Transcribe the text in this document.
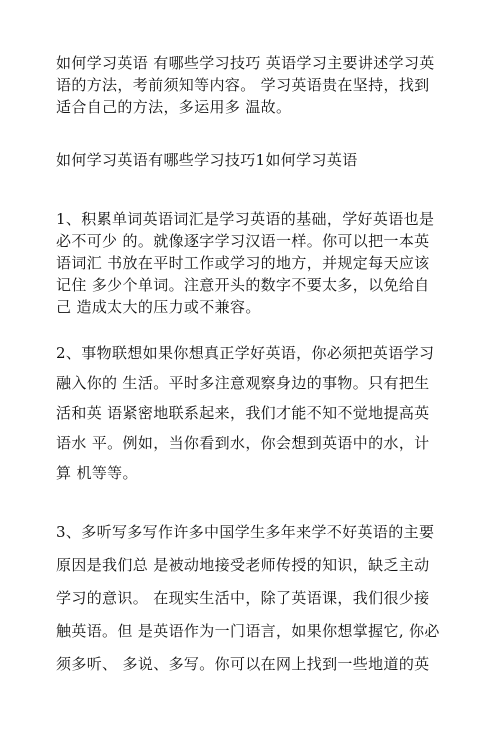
如何学习英语 有哪些学习技巧 英语学习主要讲述学习英
语的方法，考前须知等内容。 学习英语贵在坚持，找到
适合自己的方法，多运用多 温故。
如何学习英语有哪些学习技巧1如何学习英语
1、积累单词英语词汇是学习英语的基础，学好英语也是
必不可少 的。就像逐字学习汉语一样。你可以把一本英
语词汇 书放在平时工作或学习的地方，并规定每天应该
记住 多少个单词。注意开头的数字不要太多，以免给自
己 造成太大的压力或不兼容。
2、事物联想如果你想真正学好英语，你必须把英语学习
融入你的 生活。平时多注意观察身边的事物。只有把生
活和英 语紧密地联系起来，我们才能不知不觉地提高英
语水 平。例如，当你看到水，你会想到英语中的水，计
算 机等等。
3、多听写多写作许多中国学生多年来学不好英语的主要
原因是我们总 是被动地接受老师传授的知识，缺乏主动
学习的意识。 在现实生活中，除了英语课，我们很少接
触英语。但 是英语作为一门语言，如果你想掌握它, 你必
须多听、 多说、多写。你可以在网上找到一些地道的英
